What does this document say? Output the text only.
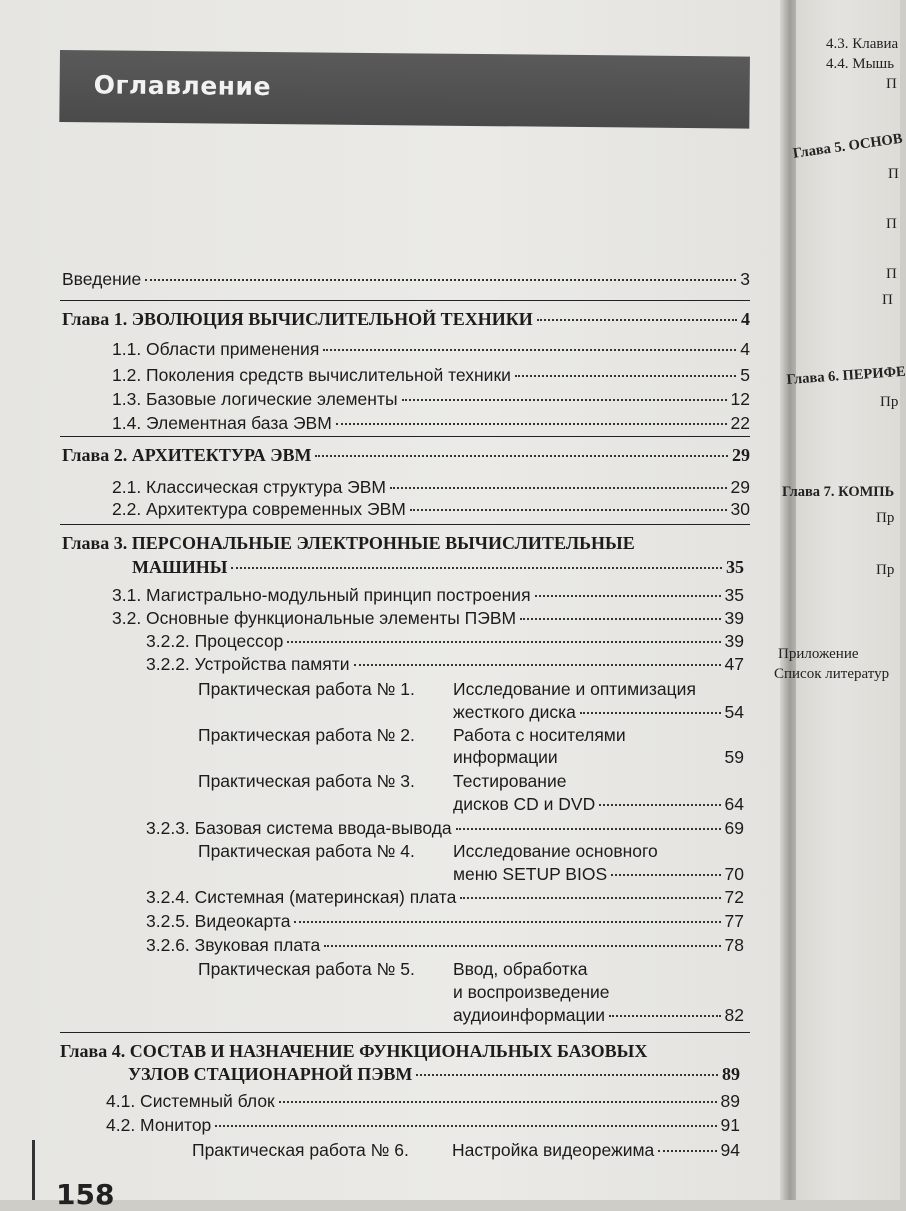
Оглавление
Введение	3
Глава 1. ЭВОЛЮЦИЯ ВЫЧИСЛИТЕЛЬНОЙ ТЕХНИКИ	4
1.1. Области применения	4
1.2. Поколения средств вычислительной техники	5
1.3. Базовые логические элементы	12
1.4. Элементная база ЭВМ	22
Глава 2. АРХИТЕКТУРА ЭВМ	29
2.1. Классическая структура ЭВМ	29
2.2. Архитектура современных ЭВМ	30
Глава 3. ПЕРСОНАЛЬНЫЕ ЭЛЕКТРОННЫЕ ВЫЧИСЛИТЕЛЬНЫЕ
МАШИНЫ	35
3.1. Магистрально-модульный принцип построения	35
3.2. Основные функциональные элементы ПЭВМ	39
3.2.2. Процессор	39
3.2.2. Устройства памяти	47
Практическая работа № 1. Исследование и оптимизация
жесткого диска	54
Практическая работа № 2. Работа с носителями
информации	59
Практическая работа № 3. Тестирование
дисков CD и DVD	64
3.2.3. Базовая система ввода-вывода	69
Практическая работа № 4. Исследование основного
меню SETUP BIOS	70
3.2.4. Системная (материнская) плата	72
3.2.5. Видеокарта	77
3.2.6. Звуковая плата	78
Практическая работа № 5. Ввод, обработка
и воспроизведение
аудиоинформации	82
Глава 4. СОСТАВ И НАЗНАЧЕНИЕ ФУНКЦИОНАЛЬНЫХ БАЗОВЫХ
УЗЛОВ СТАЦИОНАРНОЙ ПЭВМ	89
4.1. Системный блок	89
4.2. Монитор	91
Практическая работа № 6. Настройка видеорежима	94
158
4.3. Клавиа
4.4. Мышь
П
Глава 5. ОСНОВ
П
П
П
П
Глава 6. ПЕРИФЕ
Пр
Глава 7. КОМПЬ
Пр
Пр
Приложение
Список литератур
